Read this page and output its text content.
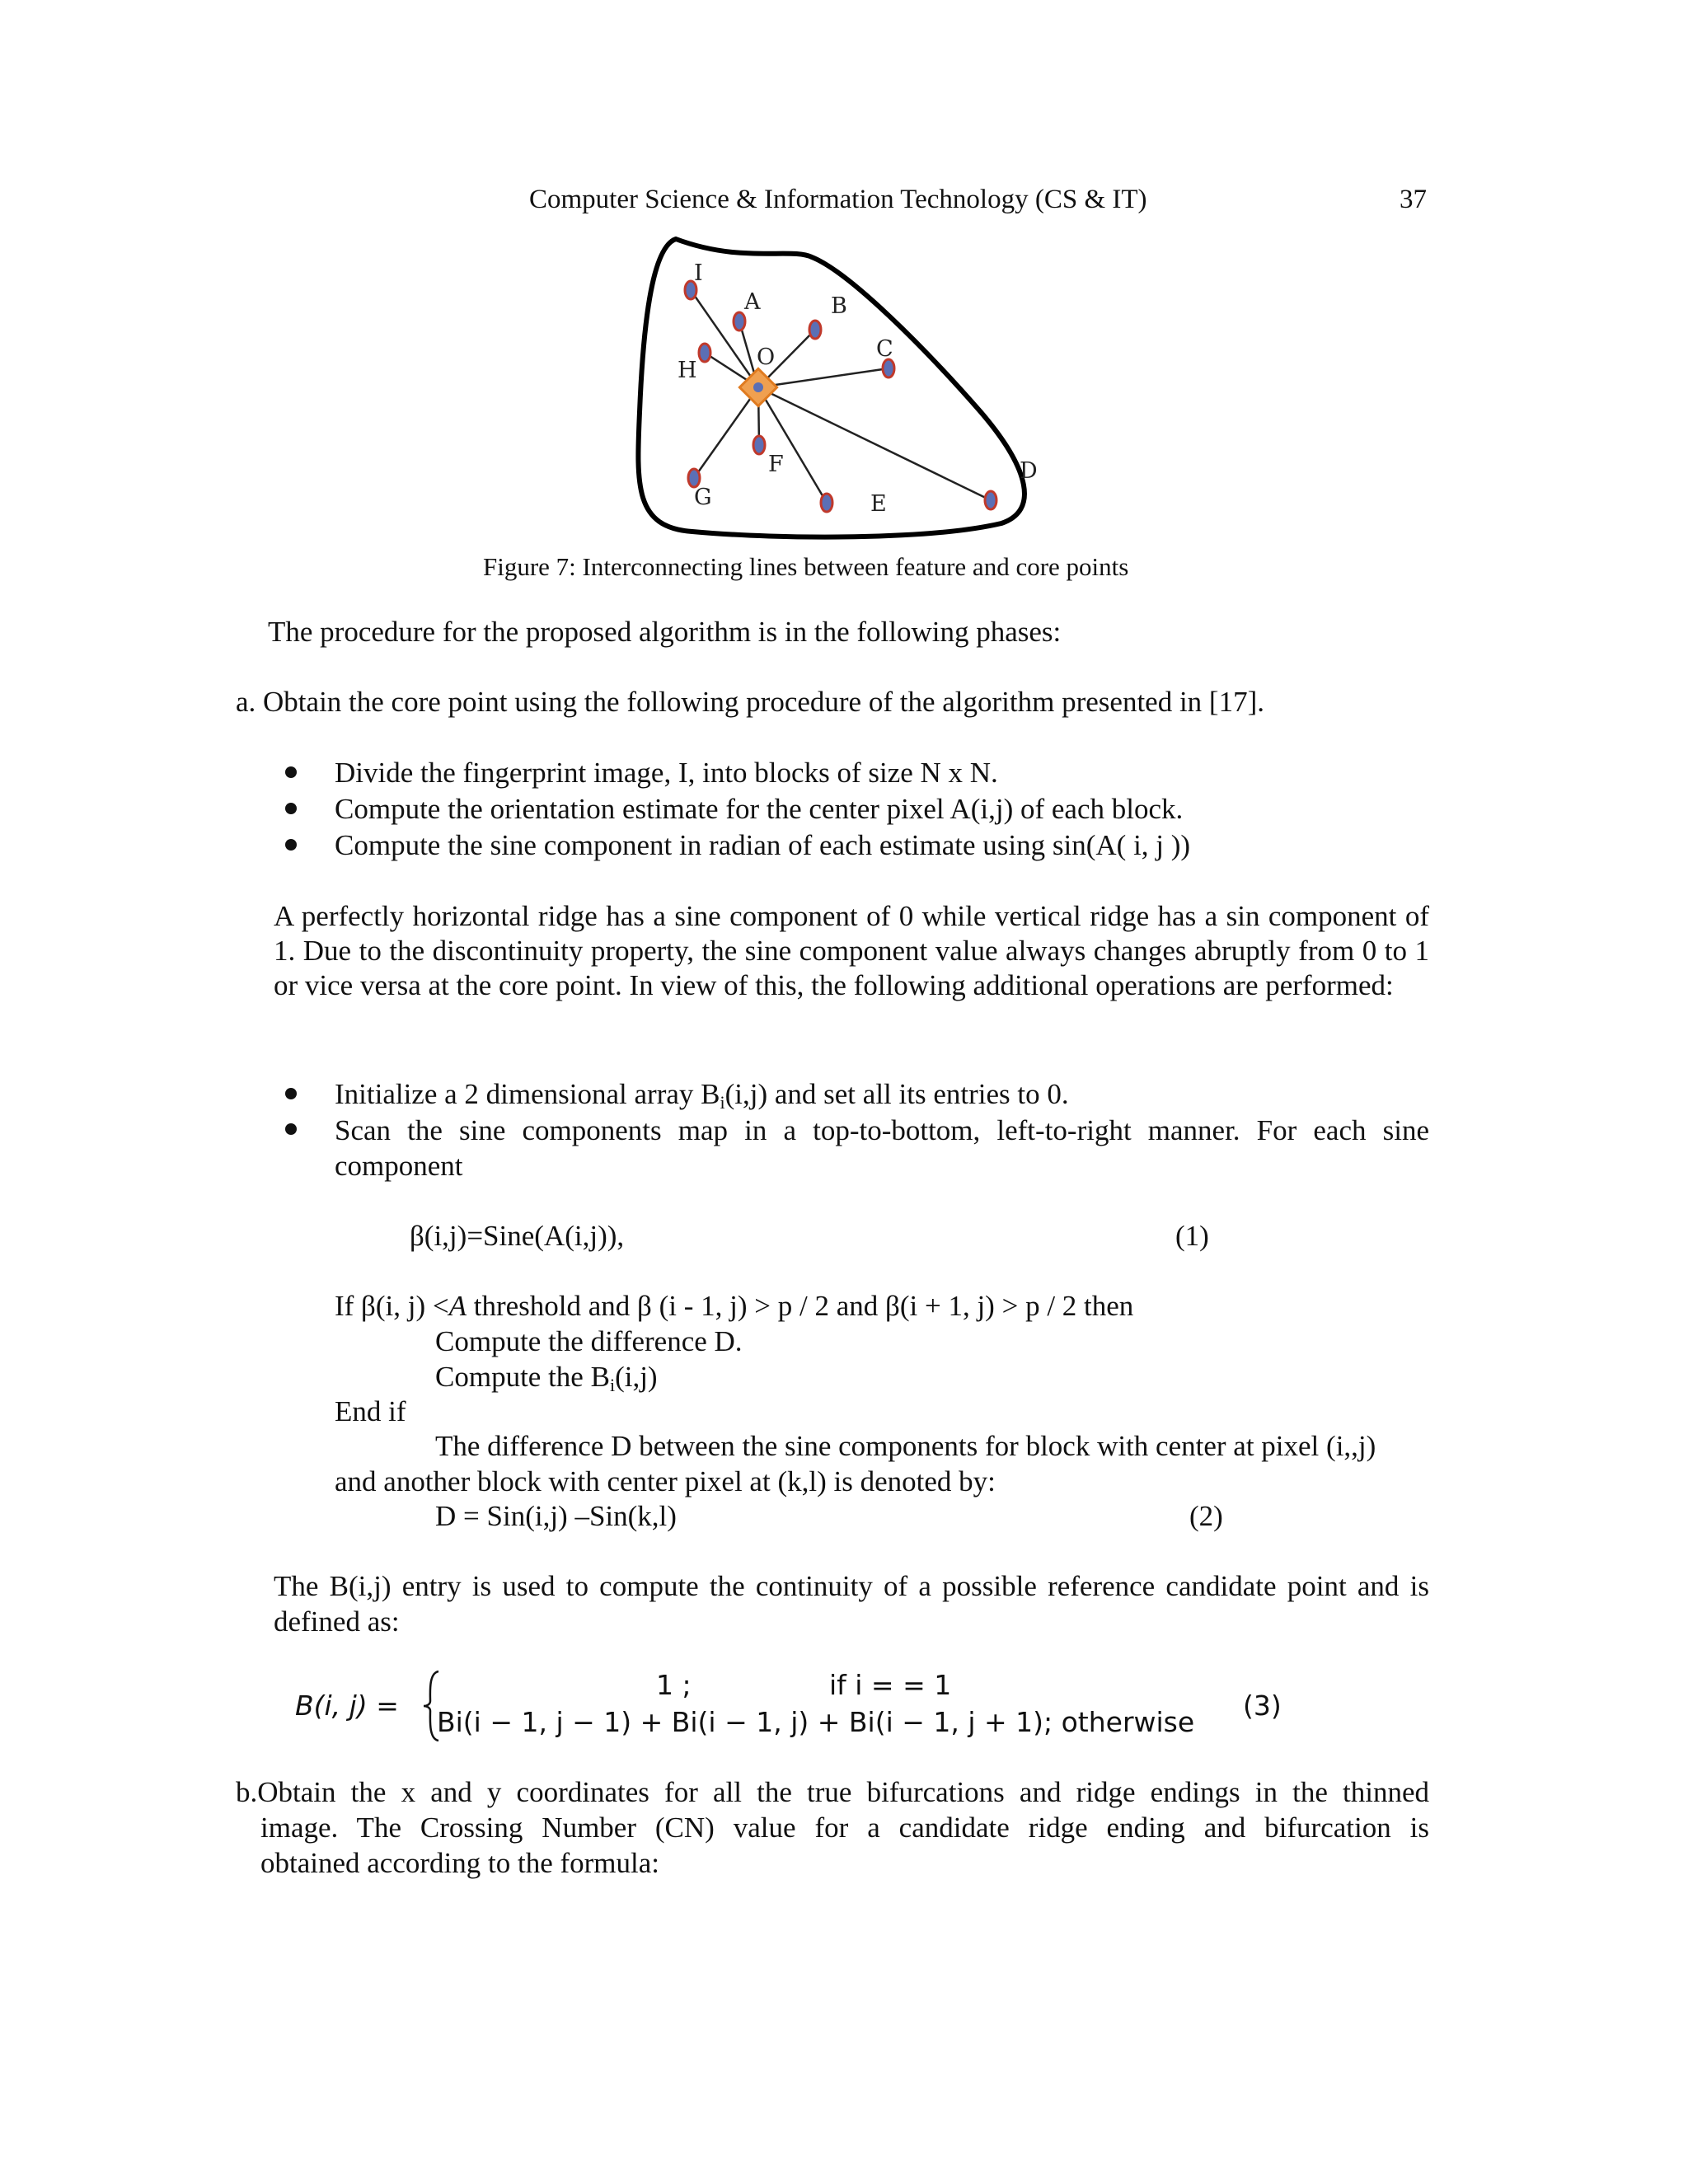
Computer Science & Information Technology (CS & IT)	37
I
A	B
C
H
F	D
G	E
O
Figure 7: Interconnecting lines between feature and core points
The procedure for the proposed algorithm is in the following phases:
a. Obtain the core point using the following procedure of the algorithm presented in [17].
Divide the fingerprint image, I, into blocks of size N x N.
Compute the orientation estimate for the center pixel A(i,j) of each block.
Compute the sine component in radian of each estimate using sin(A( i, j ))
A perfectly horizontal ridge has a sine component of 0 while vertical ridge has a sin component of 1. Due to the discontinuity property, the sine component value always changes abruptly from 0 to 1 or vice versa at the core point. In view of this, the following additional operations are performed:
Initialize a 2 dimensional array $B_i(i,j)$ and set all its entries to 0.
Scan the sine components map in a top-to-bottom, left-to-right manner. For each sine
component
β(i,j)=Sine(A(i,j)),	(1)
If β(i, j) <A threshold and β (i - 1, j) > p / 2 and β(i + 1, j) > p / 2 then
Compute the difference D.
Compute the $B_i(i,j)$
End if
The difference D between the sine components for block with center at pixel (i,,j)
and another block with center pixel at (k,l) is denoted by:
D = Sin(i,j) –Sin(k,l)	(2)
The B(i,j) entry is used to compute the continuity of a possible reference candidate point and is
defined as:
B(i, j) =
1 ;	if i = = 1
Bi(i − 1, j − 1) + Bi(i − 1, j) + Bi(i − 1, j + 1); otherwise
(3)
b.Obtain the x and y coordinates for all the true bifurcations and ridge endings in the thinned
image. The Crossing Number (CN) value for a candidate ridge ending and bifurcation is
obtained according to the formula:
